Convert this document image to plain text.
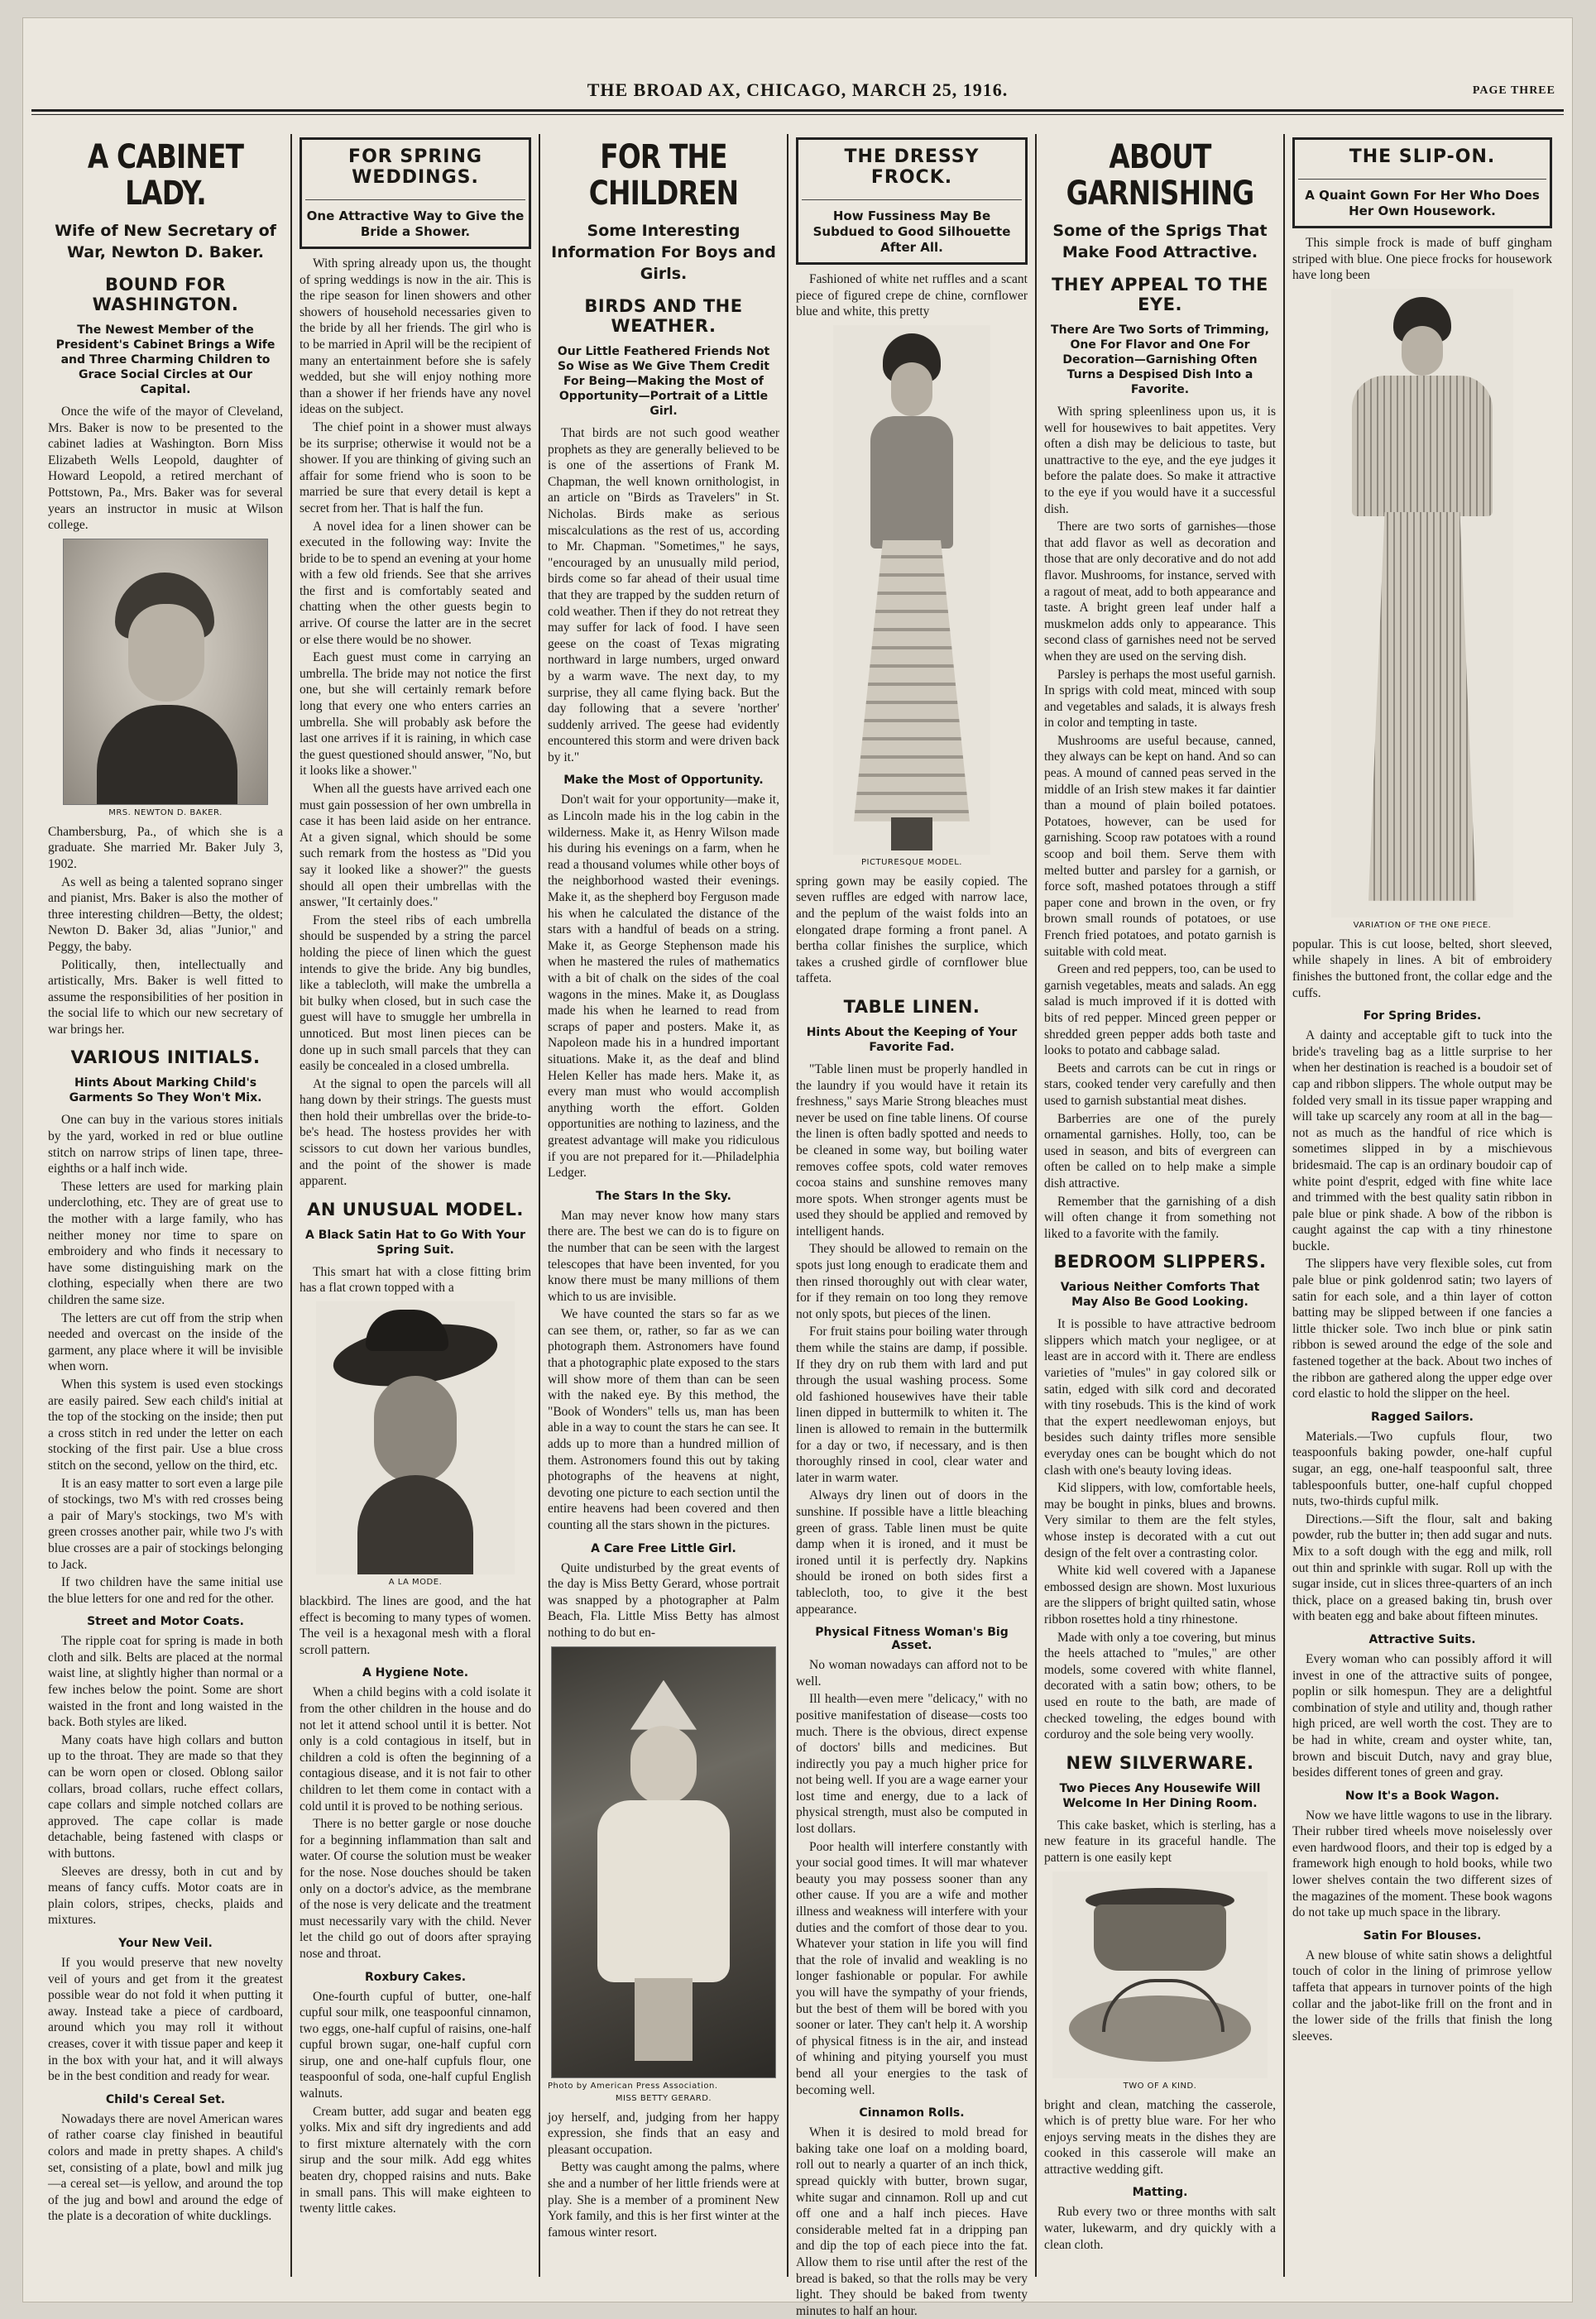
THE BROAD AX, CHICAGO, MARCH 25, 1916.	PAGE THREE
A CABINET LADY.
Wife of New Secretary of War, Newton D. Baker.
BOUND FOR WASHINGTON.
The Newest Member of the President's Cabinet Brings a Wife and Three Charming Children to Grace Social Circles at Our Capital.

Once the wife of the mayor of Cleveland, Mrs. Baker is now to be presented to the cabinet ladies at Washington. Born Miss Elizabeth Wells Leopold, daughter of Howard Leopold, a retired merchant of Pottstown, Pa., Mrs. Baker was for several years an instructor in music at Wilson college.

MRS. NEWTON D. BAKER.

Chambersburg, Pa., of which she is a graduate. She married Mr. Baker July 3, 1902.

As well as being a talented soprano singer and pianist, Mrs. Baker is also the mother of three interesting children—Betty, the oldest; Newton D. Baker 3d, alias "Junior," and Peggy, the baby.

Politically, then, intellectually and artistically, Mrs. Baker is well fitted to assume the responsibilities of her position in the social life to which our new secretary of war brings her.

VARIOUS INITIALS.
Hints About Marking Child's Garments So They Won't Mix.

One can buy in the various stores initials by the yard, worked in red or blue outline stitch on narrow strips of linen tape, three-eighths or a half inch wide.

These letters are used for marking plain underclothing, etc. They are of great use to the mother with a large family, who has neither money nor time to spare on embroidery and who finds it necessary to have some distinguishing mark on the clothing, especially when there are two children the same size.

The letters are cut off from the strip when needed and overcast on the inside of the garment, any place where it will be invisible when worn.

When this system is used even stockings are easily paired. Sew each child's initial at the top of the stocking on the inside; then put a cross stitch in red under the letter on each stocking of the first pair. Use a blue cross stitch on the second, yellow on the third, etc.

It is an easy matter to sort even a large pile of stockings, two M's with red crosses being a pair of Mary's stockings, two M's with green crosses another pair, while two J's with blue crosses are a pair of stockings belonging to Jack.

If two children have the same initial use the blue letters for one and red for the other.

Street and Motor Coats.

The ripple coat for spring is made in both cloth and silk. Belts are placed at the normal waist line, at slightly higher than normal or a few inches below the point. Some are short waisted in the front and long waisted in the back. Both styles are liked.

Many coats have high collars and button up to the throat. They are made so that they can be worn open or closed. Oblong sailor collars, broad collars, ruche effect collars, cape collars and simple notched collars are approved. The cape collar is made detachable, being fastened with clasps or with buttons.

Sleeves are dressy, both in cut and by means of fancy cuffs. Motor coats are in plain colors, stripes, checks, plaids and mixtures.

Your New Veil.

If you would preserve that new novelty veil of yours and get from it the greatest possible wear do not fold it when putting it away. Instead take a piece of cardboard, around which you may roll it without creases, cover it with tissue paper and keep it in the box with your hat, and it will always be in the best condition and ready for wear.

Child's Cereal Set.

Nowadays there are novel American wares of rather coarse clay finished in beautiful colors and made in pretty shapes. A child's set, consisting of a plate, bowl and milk jug—a cereal set—is yellow, and around the top of the jug and bowl and around the edge of the plate is a decoration of white ducklings.

FOR SPRING WEDDINGS.
One Attractive Way to Give the Bride a Shower.

With spring already upon us, the thought of spring weddings is now in the air. This is the ripe season for linen showers and other showers of household necessaries given to the bride by all her friends. The girl who is to be married in April will be the recipient of many an entertainment before she is safely wedded, but she will enjoy nothing more than a shower if her friends have any novel ideas on the subject.

The chief point in a shower must always be its surprise; otherwise it would not be a shower. If you are thinking of giving such an affair for some friend who is soon to be married be sure that every detail is kept a secret from her. That is half the fun.

A novel idea for a linen shower can be executed in the following way: Invite the bride to be to spend an evening at your home with a few old friends. See that she arrives the first and is comfortably seated and chatting when the other guests begin to arrive. Of course the latter are in the secret or else there would be no shower.

Each guest must come in carrying an umbrella. The bride may not notice the first one, but she will certainly remark before long that every one who enters carries an umbrella. She will probably ask before the last one arrives if it is raining, in which case the guest questioned should answer, "No, but it looks like a shower."

When all the guests have arrived each one must gain possession of her own umbrella in case it has been laid aside on her entrance. At a given signal, which should be some such remark from the hostess as "Did you say it looked like a shower?" the guests should all open their umbrellas with the answer, "It certainly does."

From the steel ribs of each umbrella should be suspended by a string the parcel holding the piece of linen which the guest intends to give the bride. Any big bundles, like a tablecloth, will make the umbrella a bit bulky when closed, but in such case the guest will have to smuggle her umbrella in unnoticed. But most linen pieces can be done up in such small parcels that they can easily be concealed in a closed umbrella.

At the signal to open the parcels will all hang down by their strings. The guests must then hold their umbrellas over the bride-to-be's head. The hostess provides her with scissors to cut down her various bundles, and the point of the shower is made apparent.

AN UNUSUAL MODEL.
A Black Satin Hat to Go With Your Spring Suit.

This smart hat with a close fitting brim has a flat crown topped with a

A LA MODE.

blackbird. The lines are good, and the hat effect is becoming to many types of women. The veil is a hexagonal mesh with a floral scroll pattern.

A Hygiene Note.

When a child begins with a cold isolate it from the other children in the house and do not let it attend school until it is better. Not only is a cold contagious in itself, but in children a cold is often the beginning of a contagious disease, and it is not fair to other children to let them come in contact with a cold until it is proved to be nothing serious.

There is no better gargle or nose douche for a beginning inflammation than salt and water. Of course the solution must be weaker for the nose. Nose douches should be taken only on a doctor's advice, as the membrane of the nose is very delicate and the treatment must necessarily vary with the child. Never let the child go out of doors after spraying nose and throat.

Roxbury Cakes.

One-fourth cupful of butter, one-half cupful sour milk, one teaspoonful cinnamon, two eggs, one-half cupful of raisins, one-half cupful brown sugar, one-half cupful corn sirup, one and one-half cupfuls flour, one teaspoonful of soda, one-half cupful English walnuts.

Cream butter, add sugar and beaten egg yolks. Mix and sift dry ingredients and add to first mixture alternately with the corn sirup and the sour milk. Add egg whites beaten dry, chopped raisins and nuts. Bake in small pans. This will make eighteen to twenty little cakes.

FOR THE CHILDREN
Some Interesting Information For Boys and Girls.
BIRDS AND THE WEATHER.
Our Little Feathered Friends Not So Wise as We Give Them Credit For Being—Making the Most of Opportunity—Portrait of a Little Girl.

That birds are not such good weather prophets as they are generally believed to be is one of the assertions of Frank M. Chapman, the well known ornithologist, in an article on "Birds as Travelers" in St. Nicholas. Birds make as serious miscalculations as the rest of us, according to Mr. Chapman. "Sometimes," he says, "encouraged by an unusually mild period, birds come so far ahead of their usual time that they are trapped by the sudden return of cold weather. Then if they do not retreat they may suffer for lack of food. I have seen geese on the coast of Texas migrating northward in large numbers, urged onward by a warm wave. The next day, to my surprise, they all came flying back. But the day following that a severe 'norther' suddenly arrived. The geese had evidently encountered this storm and were driven back by it."

Make the Most of Opportunity.

Don't wait for your opportunity—make it, as Lincoln made his in the log cabin in the wilderness. Make it, as Henry Wilson made his during his evenings on a farm, when he read a thousand volumes while other boys of the neighborhood wasted their evenings. Make it, as the shepherd boy Ferguson made his when he calculated the distance of the stars with a handful of beads on a string. Make it, as George Stephenson made his when he mastered the rules of mathematics with a bit of chalk on the sides of the coal wagons in the mines. Make it, as Douglass made his when he learned to read from scraps of paper and posters. Make it, as Napoleon made his in a hundred important situations. Make it, as the deaf and blind Helen Keller has made hers. Make it, as every man must who would accomplish anything worth the effort. Golden opportunities are nothing to laziness, and the greatest advantage will make you ridiculous if you are not prepared for it.—Philadelphia Ledger.

The Stars In the Sky.

Man may never know how many stars there are. The best we can do is to figure on the number that can be seen with the largest telescopes that have been invented, for you know there must be many millions of them which to us are invisible.

We have counted the stars so far as we can see them, or, rather, so far as we can photograph them. Astronomers have found that a photographic plate exposed to the stars will show more of them than can be seen with the naked eye. By this method, the "Book of Wonders" tells us, man has been able in a way to count the stars he can see. It adds up to more than a hundred million of them. Astronomers found this out by taking photographs of the heavens at night, devoting one picture to each section until the entire heavens had been covered and then counting all the stars shown in the pictures.

A Care Free Little Girl.

Quite undisturbed by the great events of the day is Miss Betty Gerard, whose portrait was snapped by a photographer at Palm Beach, Fla. Little Miss Betty has almost nothing to do but en-

Photo by American Press Association.
MISS BETTY GERARD.

joy herself, and, judging from her happy expression, she finds that an easy and pleasant occupation.

Betty was caught among the palms, where she and a number of her little friends were at play. She is a member of a prominent New York family, and this is her first winter at the famous winter resort.

THE DRESSY FROCK.
How Fussiness May Be Subdued to Good Silhouette After All.

Fashioned of white net ruffles and a scant piece of figured crepe de chine, cornflower blue and white, this pretty

PICTURESQUE MODEL.

spring gown may be easily copied. The seven ruffles are edged with narrow lace, and the peplum of the waist folds into an elongated drape forming a front panel. A bertha collar finishes the surplice, which takes a crushed girdle of cornflower blue taffeta.

TABLE LINEN.
Hints About the Keeping of Your Favorite Fad.

"Table linen must be properly handled in the laundry if you would have it retain its freshness," says Marie Strong bleaches must never be used on fine table linens. Of course the linen is often badly spotted and needs to be cleaned in some way, but boiling water removes coffee spots, cold water removes cocoa stains and sunshine removes many more spots. When stronger agents must be used they should be applied and removed by intelligent hands.

They should be allowed to remain on the spots just long enough to eradicate them and then rinsed thoroughly out with clear water, for if they remain on too long they remove not only spots, but pieces of the linen.

For fruit stains pour boiling water through them while the stains are damp, if possible. If they dry on rub them with lard and put through the usual washing process. Some old fashioned housewives have their table linen dipped in buttermilk to whiten it. The linen is allowed to remain in the buttermilk for a day or two, if necessary, and is then thoroughly rinsed in cool, clear water and later in warm water.

Always dry linen out of doors in the sunshine. If possible have a little bleaching green of grass. Table linen must be quite damp when it is ironed, and it must be ironed until it is perfectly dry. Napkins should be ironed on both sides first a tablecloth, too, to give it the best appearance.

Physical Fitness Woman's Big Asset.

No woman nowadays can afford not to be well.

Ill health—even mere "delicacy," with no positive manifestation of disease—costs too much. There is the obvious, direct expense of doctors' bills and medicines. But indirectly you pay a much higher price for not being well. If you are a wage earner your lost time and energy, due to a lack of physical strength, must also be computed in lost dollars.

Poor health will interfere constantly with your social good times. It will mar whatever beauty you may possess sooner than any other cause. If you are a wife and mother illness and weakness will interfere with your duties and the comfort of those dear to you. Whatever your station in life you will find that the role of invalid and weakling is no longer fashionable or popular. For awhile you will have the sympathy of your friends, but the best of them will be bored with you sooner or later. They can't help it. A worship of physical fitness is in the air, and instead of whining and pitying yourself you must bend all your energies to the task of becoming well.

Cinnamon Rolls.

When it is desired to mold bread for baking take one loaf on a molding board, roll out to nearly a quarter of an inch thick, spread quickly with butter, brown sugar, white sugar and cinnamon. Roll up and cut off one and a half inch pieces. Have considerable melted fat in a dripping pan and dip the top of each piece into the fat. Allow them to rise until after the rest of the bread is baked, so that the rolls may be very light. They should be baked from twenty minutes to half an hour.

ABOUT GARNISHING
Some of the Sprigs That Make Food Attractive.
THEY APPEAL TO THE EYE.
There Are Two Sorts of Trimming, One For Flavor and One For Decoration—Garnishing Often Turns a Despised Dish Into a Favorite.

With spring spleenliness upon us, it is well for housewives to bait appetites. Very often a dish may be delicious to taste, but unattractive to the eye, and the eye judges it before the palate does. So make it attractive to the eye if you would have it a successful dish.

There are two sorts of garnishes—those that add flavor as well as decoration and those that are only decorative and do not add flavor. Mushrooms, for instance, served with a ragout of meat, add to both appearance and taste. A bright green leaf under half a muskmelon adds only to appearance. This second class of garnishes need not be served when they are used on the serving dish.

Parsley is perhaps the most useful garnish. In sprigs with cold meat, minced with soup and vegetables and salads, it is always fresh in color and tempting in taste.

Mushrooms are useful because, canned, they always can be kept on hand. And so can peas. A mound of canned peas served in the middle of an Irish stew makes it far daintier than a mound of plain boiled potatoes. Potatoes, however, can be used for garnishing. Scoop raw potatoes with a round scoop and boil them. Serve them with melted butter and parsley for a garnish, or force soft, mashed potatoes through a stiff paper cone and brown in the oven, or fry brown small rounds of potatoes, or use French fried potatoes, and potato garnish is suitable with cold meat.

Green and red peppers, too, can be used to garnish vegetables, meats and salads. An egg salad is much improved if it is dotted with bits of red pepper. Minced green pepper or shredded green pepper adds both taste and looks to potato and cabbage salad.

Beets and carrots can be cut in rings or stars, cooked tender very carefully and then used to garnish substantial meat dishes.

Barberries are one of the purely ornamental garnishes. Holly, too, can be used in season, and bits of evergreen can often be called on to help make a simple dish attractive.

Remember that the garnishing of a dish will often change it from something not liked to a favorite with the family.

BEDROOM SLIPPERS.
Various Neither Comforts That May Also Be Good Looking.

It is possible to have attractive bedroom slippers which match your negligee, or at least are in accord with it. There are endless varieties of "mules" in gay colored silk or satin, edged with silk cord and decorated with tiny rosebuds. This is the kind of work that the expert needlewoman enjoys, but besides such dainty trifles more sensible everyday ones can be bought which do not clash with one's beauty loving ideas.

Kid slippers, with low, comfortable heels, may be bought in pinks, blues and browns. Very similar to them are the felt styles, whose instep is decorated with a cut out design of the felt over a contrasting color.

White kid well covered with a Japanese embossed design are shown. Most luxurious are the slippers of bright quilted satin, whose ribbon rosettes hold a tiny rhinestone.

Made with only a toe covering, but minus the heels attached to "mules," are other models, some covered with white flannel, decorated with a satin bow; others, to be used en route to the bath, are made of checked toweling, the edges bound with corduroy and the sole being very woolly.

NEW SILVERWARE.
Two Pieces Any Housewife Will Welcome In Her Dining Room.

This cake basket, which is sterling, has a new feature in its graceful handle. The pattern is one easily kept

TWO OF A KIND.

bright and clean, matching the casserole, which is of pretty blue ware. For her who enjoys serving meats in the dishes they are cooked in this casserole will make an attractive wedding gift.

Matting.

Rub every two or three months with salt water, lukewarm, and dry quickly with a clean cloth.

THE SLIP-ON.
A Quaint Gown For Her Who Does Her Own Housework.

This simple frock is made of buff gingham striped with blue. One piece frocks for housework have long been

VARIATION OF THE ONE PIECE.

popular. This is cut loose, belted, short sleeved, while shapely in lines. A bit of embroidery finishes the buttoned front, the collar edge and the cuffs.

For Spring Brides.

A dainty and acceptable gift to tuck into the bride's traveling bag as a little surprise to her when her destination is reached is a boudoir set of cap and ribbon slippers. The whole output may be folded very small in its tissue paper wrapping and will take up scarcely any room at all in the bag—not as much as the handful of rice which is sometimes slipped in by a mischievous bridesmaid. The cap is an ordinary boudoir cap of white point d'esprit, edged with fine white lace and trimmed with the best quality satin ribbon in pale blue or pink shade. A bow of the ribbon is caught against the cap with a tiny rhinestone buckle.

The slippers have very flexible soles, cut from pale blue or pink goldenrod satin; two layers of satin for each sole, and a thin layer of cotton batting may be slipped between if one fancies a little thicker sole. Two inch blue or pink satin ribbon is sewed around the edge of the sole and fastened together at the back. About two inches of the ribbon are gathered along the upper edge over cord elastic to hold the slipper on the heel.

Ragged Sailors.

Materials.—Two cupfuls flour, two teaspoonfuls baking powder, one-half cupful sugar, an egg, one-half teaspoonful salt, three tablespoonfuls butter, one-half cupful chopped nuts, two-thirds cupful milk.

Directions.—Sift the flour, salt and baking powder, rub the butter in; then add sugar and nuts. Mix to a soft dough with the egg and milk, roll out thin and sprinkle with sugar. Roll up with the sugar inside, cut in slices three-quarters of an inch thick, place on a greased baking tin, brush over with beaten egg and bake about fifteen minutes.

Attractive Suits.

Every woman who can possibly afford it will invest in one of the attractive suits of pongee, poplin or silk homespun. They are a delightful combination of style and utility and, though rather high priced, are well worth the cost. They are to be had in white, cream and oyster white, tan, brown and biscuit Dutch, navy and gray blue, besides different tones of green and gray.

Now It's a Book Wagon.

Now we have little wagons to use in the library. Their rubber tired wheels move noiselessly over even hardwood floors, and their top is edged by a framework high enough to hold books, while two lower shelves contain the two different sizes of the magazines of the moment. These book wagons do not take up much space in the library.

Satin For Blouses.

A new blouse of white satin shows a delightful touch of color in the lining of primrose yellow taffeta that appears in turnover points of the high collar and the jabot-like frill on the front and in the lower side of the frills that finish the long sleeves.
